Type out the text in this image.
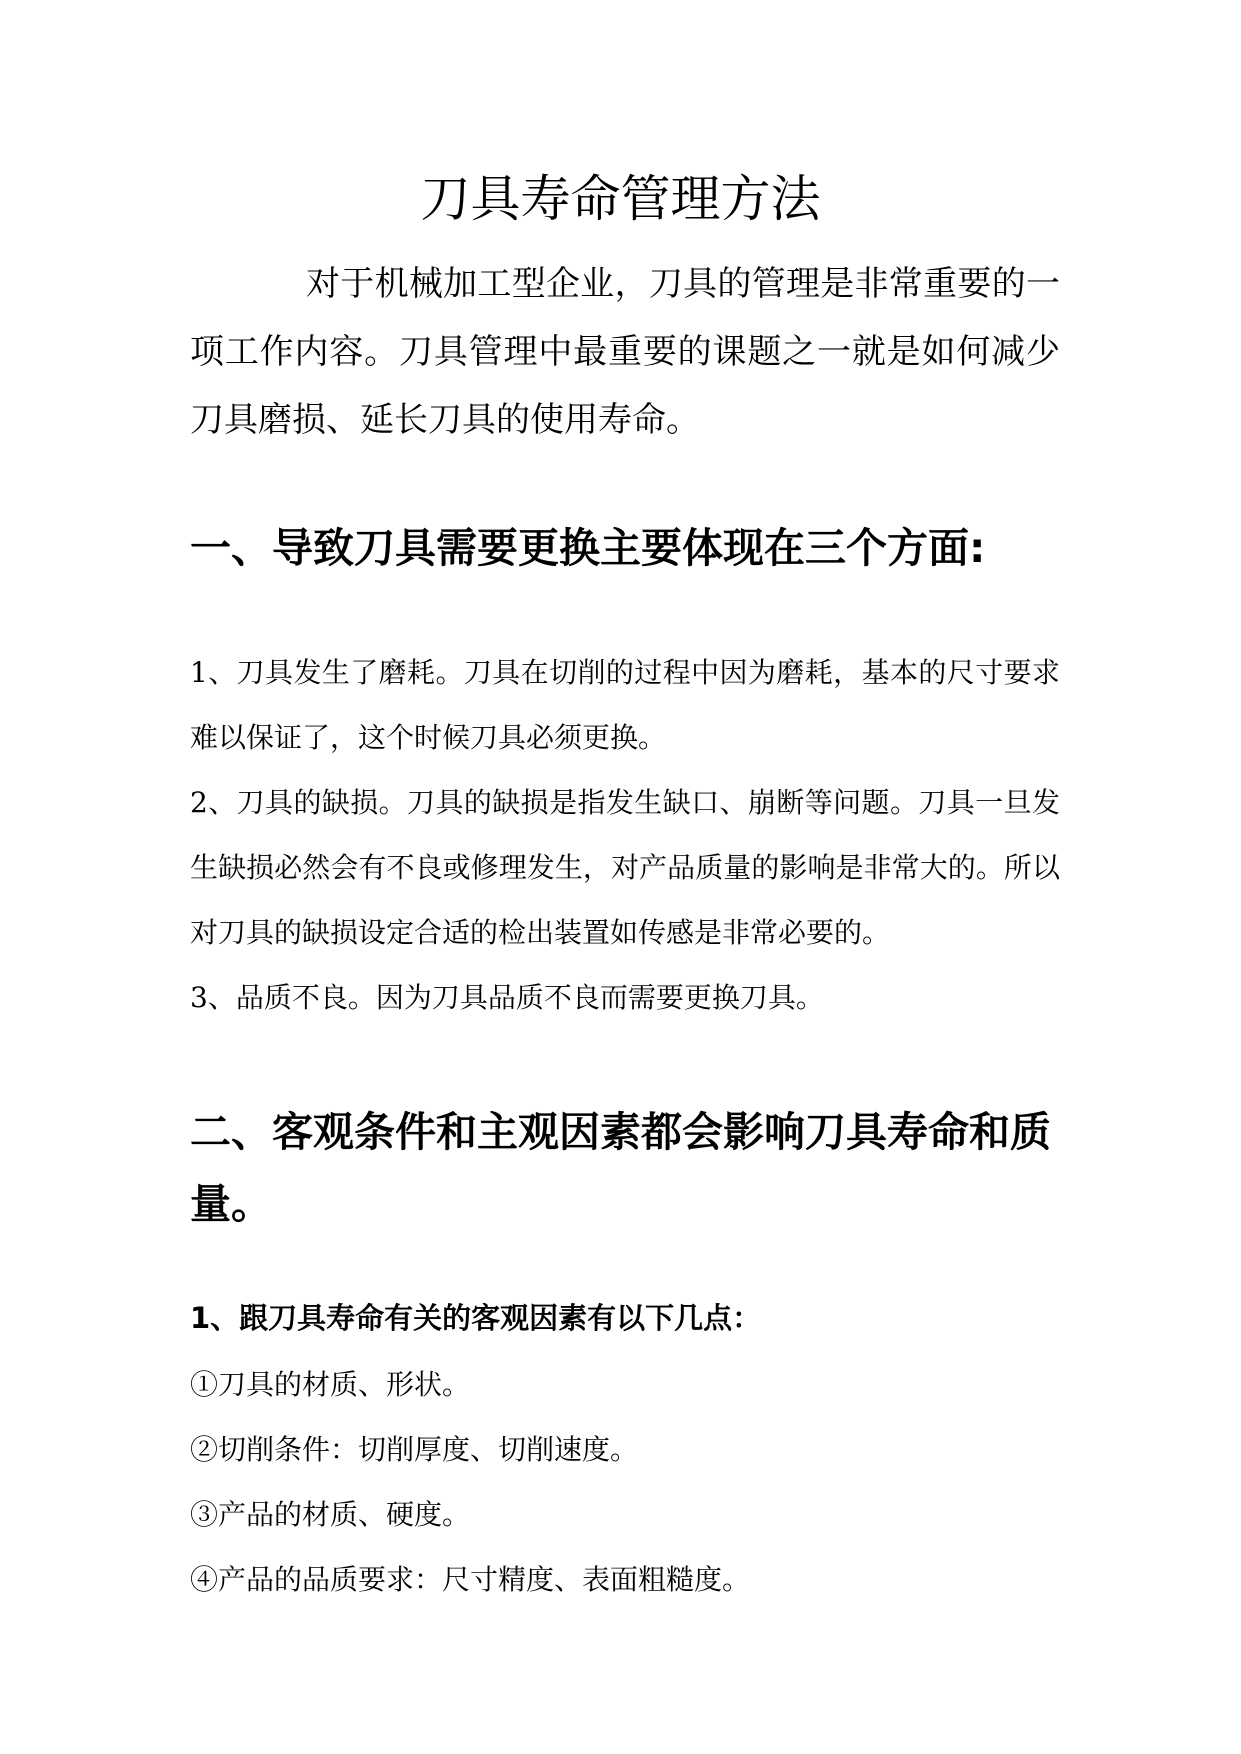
刀具寿命管理方法

对于机械加工型企业，刀具的管理是非常重要的一项工作内容。刀具管理中最重要的课题之一就是如何减少刀具磨损、延长刀具的使用寿命。

一、导致刀具需要更换主要体现在三个方面:
1、刀具发生了磨耗。刀具在切削的过程中因为磨耗，基本的尺寸要求难以保证了，这个时候刀具必须更换。
2、刀具的缺损。刀具的缺损是指发生缺口、崩断等问题。刀具一旦发生缺损必然会有不良或修理发生，对产品质量的影响是非常大的。所以对刀具的缺损设定合适的检出装置如传感是非常必要的。
3、品质不良。因为刀具品质不良而需要更换刀具。
二、客观条件和主观因素都会影响刀具寿命和质量。
1、跟刀具寿命有关的客观因素有以下几点：
①刀具的材质、形状。
②切削条件：切削厚度、切削速度。
③产品的材质、硬度。
④产品的品质要求：尺寸精度、表面粗糙度。
